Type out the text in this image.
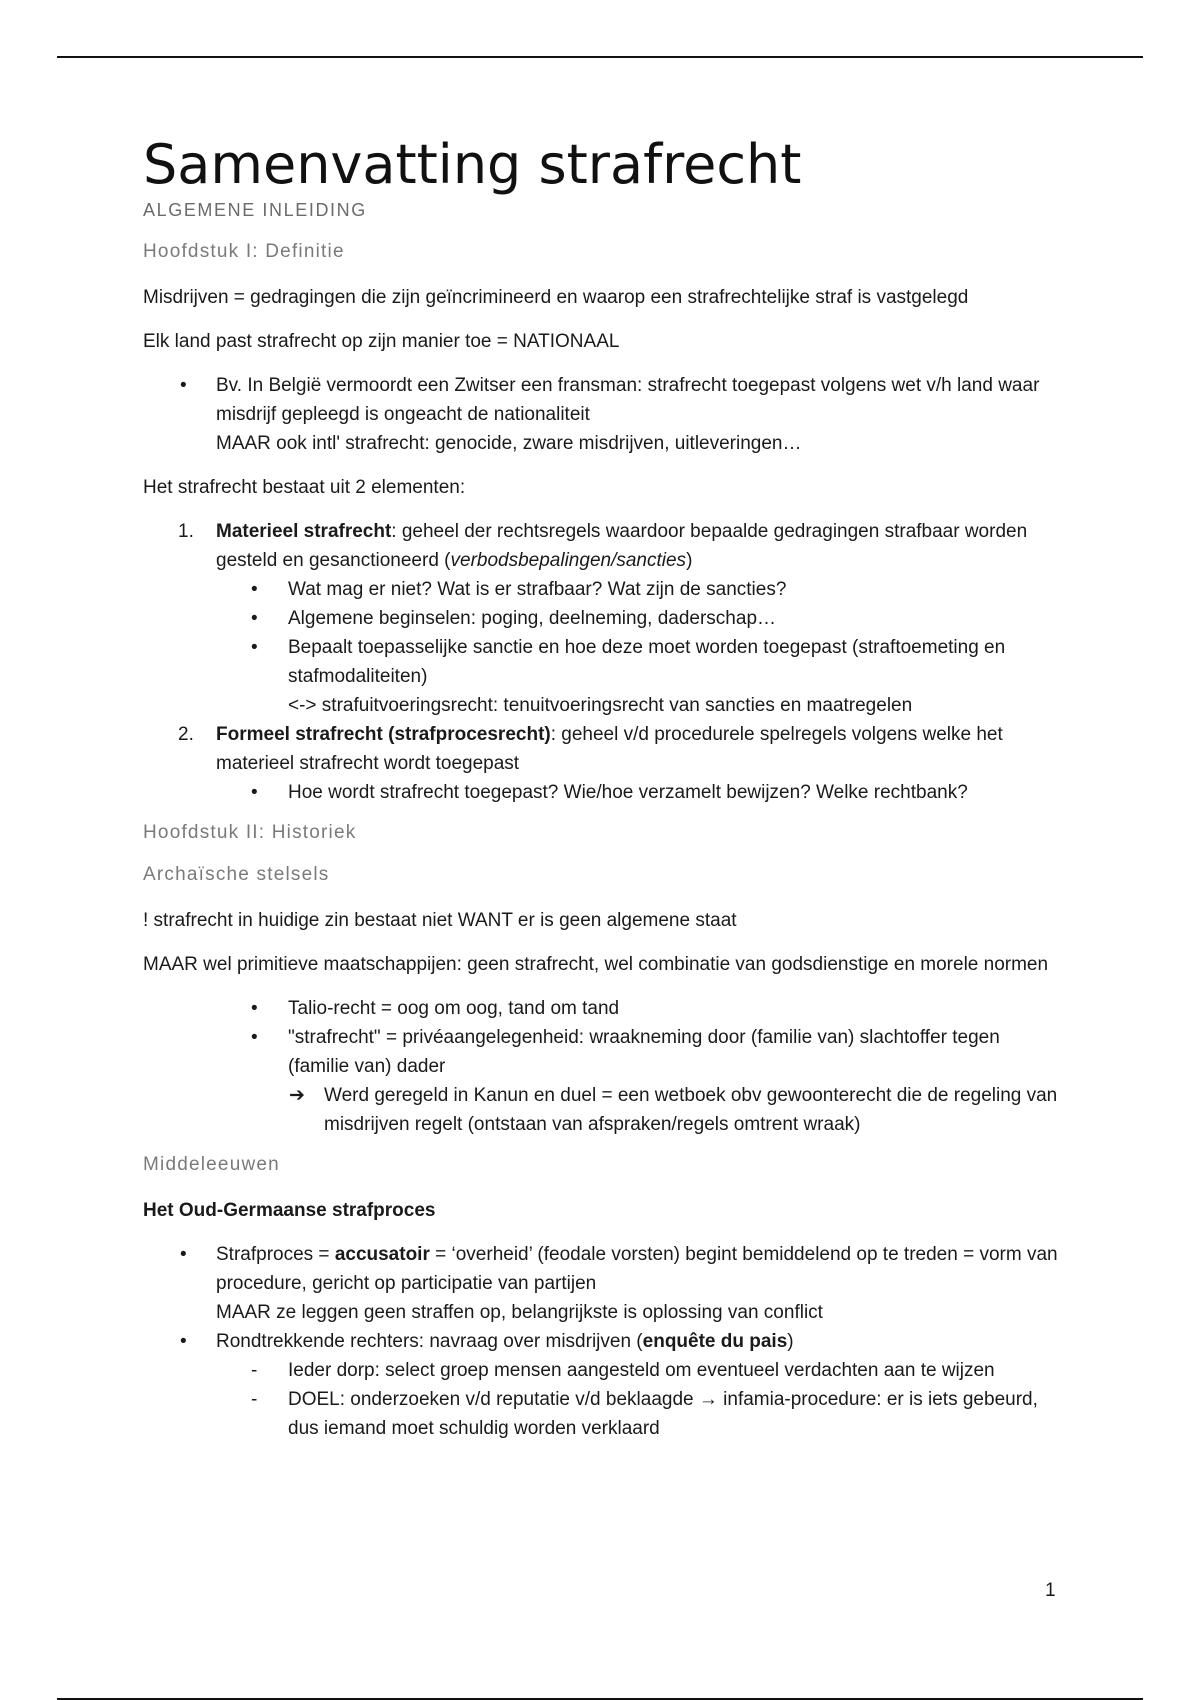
Samenvatting strafrecht
ALGEMENE INLEIDING
Hoofdstuk I: Definitie

Misdrijven = gedragingen die zijn geïncrimineerd en waarop een strafrechtelijke straf is vastgelegd

Elk land past strafrecht op zijn manier toe = NATIONAAL

• Bv. In België vermoordt een Zwitser een fransman: strafrecht toegepast volgens wet v/h land waar misdrijf gepleegd is ongeacht de nationaliteit
MAAR ook intl' strafrecht: genocide, zware misdrijven, uitleveringen…

Het strafrecht bestaat uit 2 elementen:

1. Materieel strafrecht: geheel der rechtsregels waardoor bepaalde gedragingen strafbaar worden gesteld en gesanctioneerd (verbodsbepalingen/sancties)
• Wat mag er niet? Wat is er strafbaar? Wat zijn de sancties?
• Algemene beginselen: poging, deelneming, daderschap…
• Bepaalt toepasselijke sanctie en hoe deze moet worden toegepast (straftoemeting en stafmodaliteiten)
<-> strafuitvoeringsrecht: tenuitvoeringsrecht van sancties en maatregelen
2. Formeel strafrecht (strafprocesrecht): geheel v/d procedurele spelregels volgens welke het materieel strafrecht wordt toegepast
• Hoe wordt strafrecht toegepast? Wie/hoe verzamelt bewijzen? Welke rechtbank?
Hoofdstuk II: Historiek
Archaïsche stelsels

! strafrecht in huidige zin bestaat niet WANT er is geen algemene staat

MAAR wel primitieve maatschappijen: geen strafrecht, wel combinatie van godsdienstige en morele normen

• Talio-recht = oog om oog, tand om tand
• "strafrecht" = privéaangelegenheid: wraakneming door (familie van) slachtoffer tegen (familie van) dader
➔ Werd geregeld in Kanun en duel = een wetboek obv gewoonterecht die de regeling van misdrijven regelt (ontstaan van afspraken/regels omtrent wraak)
Middeleeuwen

Het Oud-Germaanse strafproces

• Strafproces = accusatoir = ‘overheid’ (feodale vorsten) begint bemiddelend op te treden = vorm van procedure, gericht op participatie van partijen
MAAR ze leggen geen straffen op, belangrijkste is oplossing van conflict
• Rondtrekkende rechters: navraag over misdrijven (enquête du pais)
- Ieder dorp: select groep mensen aangesteld om eventueel verdachten aan te wijzen
- DOEL: onderzoeken v/d reputatie v/d beklaagde → infamia-procedure: er is iets gebeurd, dus iemand moet schuldig worden verklaard
1
